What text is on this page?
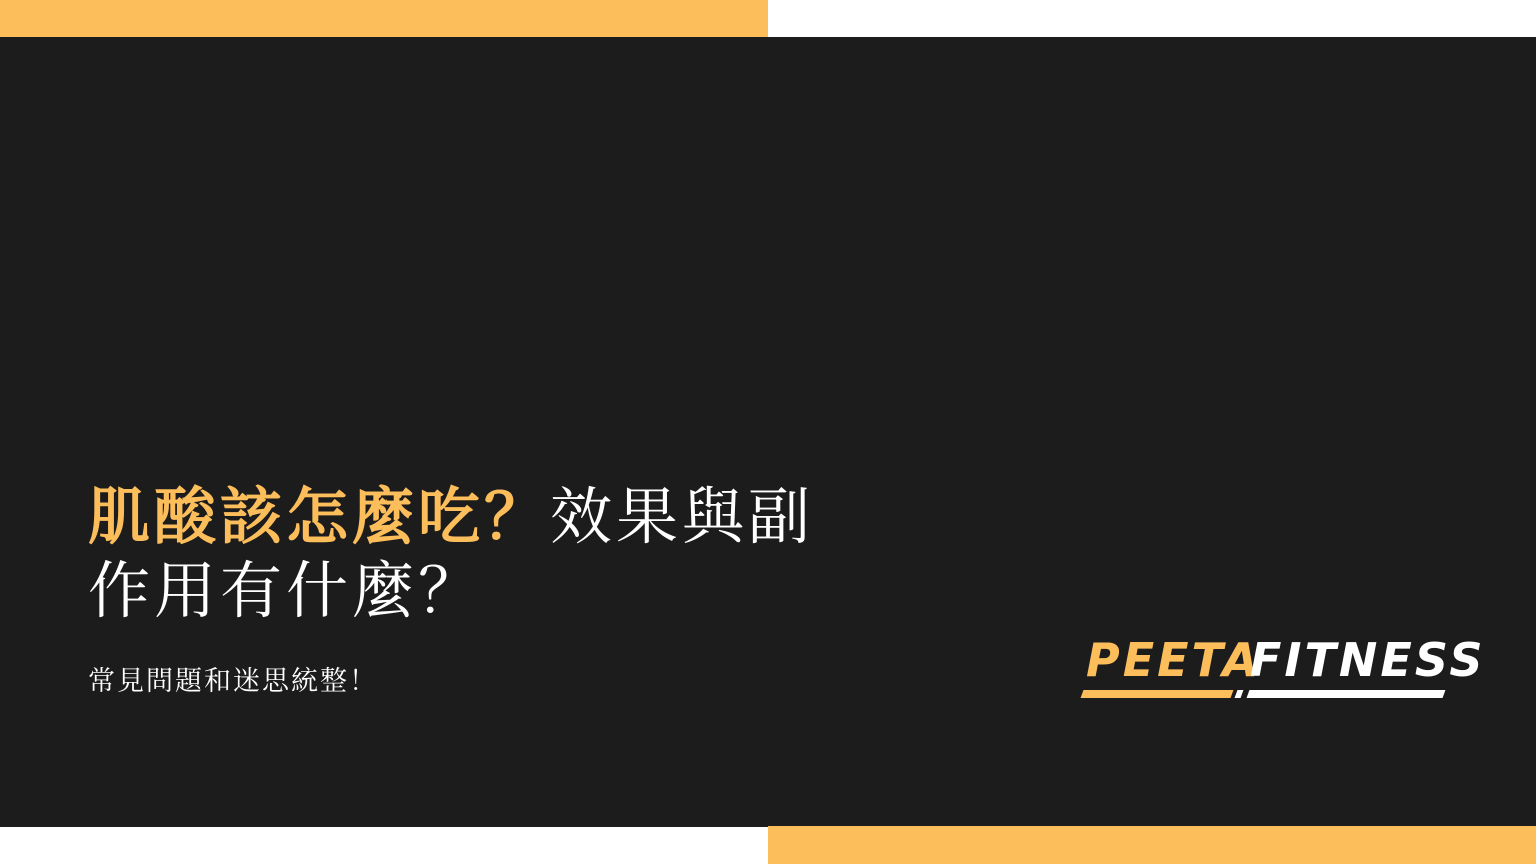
肌酸該怎麼吃？效果與副
作用有什麼？

常見問題和迷思統整！	PEETA
FITNESS
